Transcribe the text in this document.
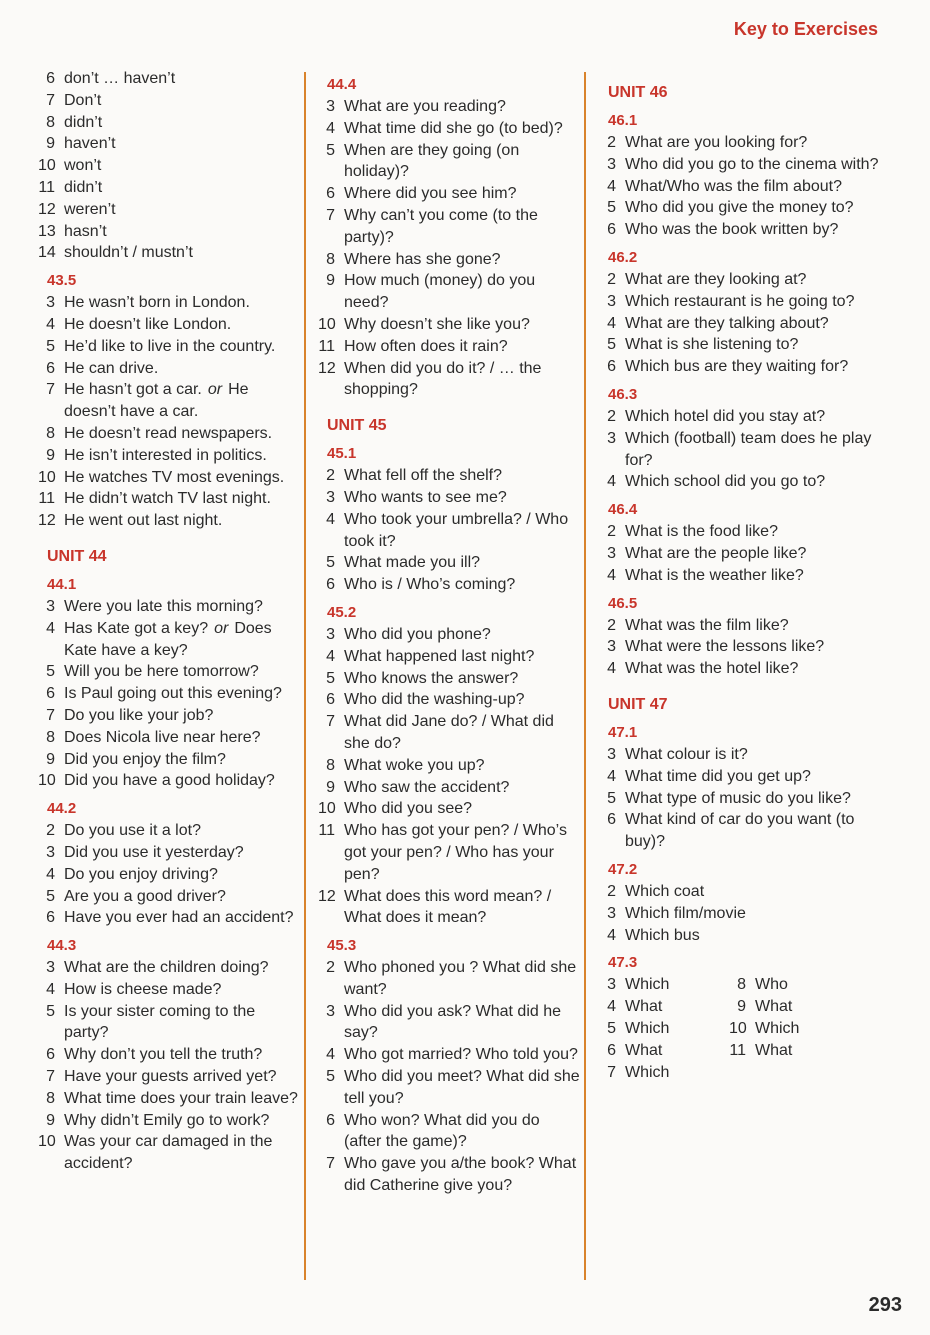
Key to Exercises
6 don’t … haven’t
7 Don’t
8 didn’t
9 haven’t
10 won’t
11 didn’t
12 weren’t
13 hasn’t
14 shouldn’t / mustn’t
43.5
3 He wasn’t born in London.
4 He doesn’t like London.
5 He’d like to live in the country.
6 He can drive.
7 He hasn’t got a car. or He doesn’t have a car.
8 He doesn’t read newspapers.
9 He isn’t interested in politics.
10 He watches TV most evenings.
11 He didn’t watch TV last night.
12 He went out last night.
UNIT 44
44.1
3 Were you late this morning?
4 Has Kate got a key? or Does Kate have a key?
5 Will you be here tomorrow?
6 Is Paul going out this evening?
7 Do you like your job?
8 Does Nicola live near here?
9 Did you enjoy the film?
10 Did you have a good holiday?
44.2
2 Do you use it a lot?
3 Did you use it yesterday?
4 Do you enjoy driving?
5 Are you a good driver?
6 Have you ever had an accident?
44.3
3 What are the children doing?
4 How is cheese made?
5 Is your sister coming to the party?
6 Why don’t you tell the truth?
7 Have your guests arrived yet?
8 What time does your train leave?
9 Why didn’t Emily go to work?
10 Was your car damaged in the accident?
44.4
3 What are you reading?
4 What time did she go (to bed)?
5 When are they going (on holiday)?
6 Where did you see him?
7 Why can’t you come (to the party)?
8 Where has she gone?
9 How much (money) do you need?
10 Why doesn’t she like you?
11 How often does it rain?
12 When did you do it? / … the shopping?
UNIT 45
45.1
2 What fell off the shelf?
3 Who wants to see me?
4 Who took your umbrella? / Who took it?
5 What made you ill?
6 Who is / Who’s coming?
45.2
3 Who did you phone?
4 What happened last night?
5 Who knows the answer?
6 Who did the washing-up?
7 What did Jane do? / What did she do?
8 What woke you up?
9 Who saw the accident?
10 Who did you see?
11 Who has got your pen? / Who’s got your pen? / Who has your pen?
12 What does this word mean? / What does it mean?
45.3
2 Who phoned you ? What did she want?
3 Who did you ask? What did he say?
4 Who got married? Who told you?
5 Who did you meet? What did she tell you?
6 Who won? What did you do (after the game)?
7 Who gave you a/the book? What did Catherine give you?
UNIT 46
46.1
2 What are you looking for?
3 Who did you go to the cinema with?
4 What/Who was the film about?
5 Who did you give the money to?
6 Who was the book written by?
46.2
2 What are they looking at?
3 Which restaurant is he going to?
4 What are they talking about?
5 What is she listening to?
6 Which bus are they waiting for?
46.3
2 Which hotel did you stay at?
3 Which (football) team does he play for?
4 Which school did you go to?
46.4
2 What is the food like?
3 What are the people like?
4 What is the weather like?
46.5
2 What was the film like?
3 What were the lessons like?
4 What was the hotel like?
UNIT 47
47.1
3 What colour is it?
4 What time did you get up?
5 What type of music do you like?
6 What kind of car do you want (to buy)?
47.2
2 Which coat
3 Which film/movie
4 Which bus
47.3
3 Which	8 Who
4 What	9 What
5 Which	10 Which
6 What	11 What
7 Which
293
